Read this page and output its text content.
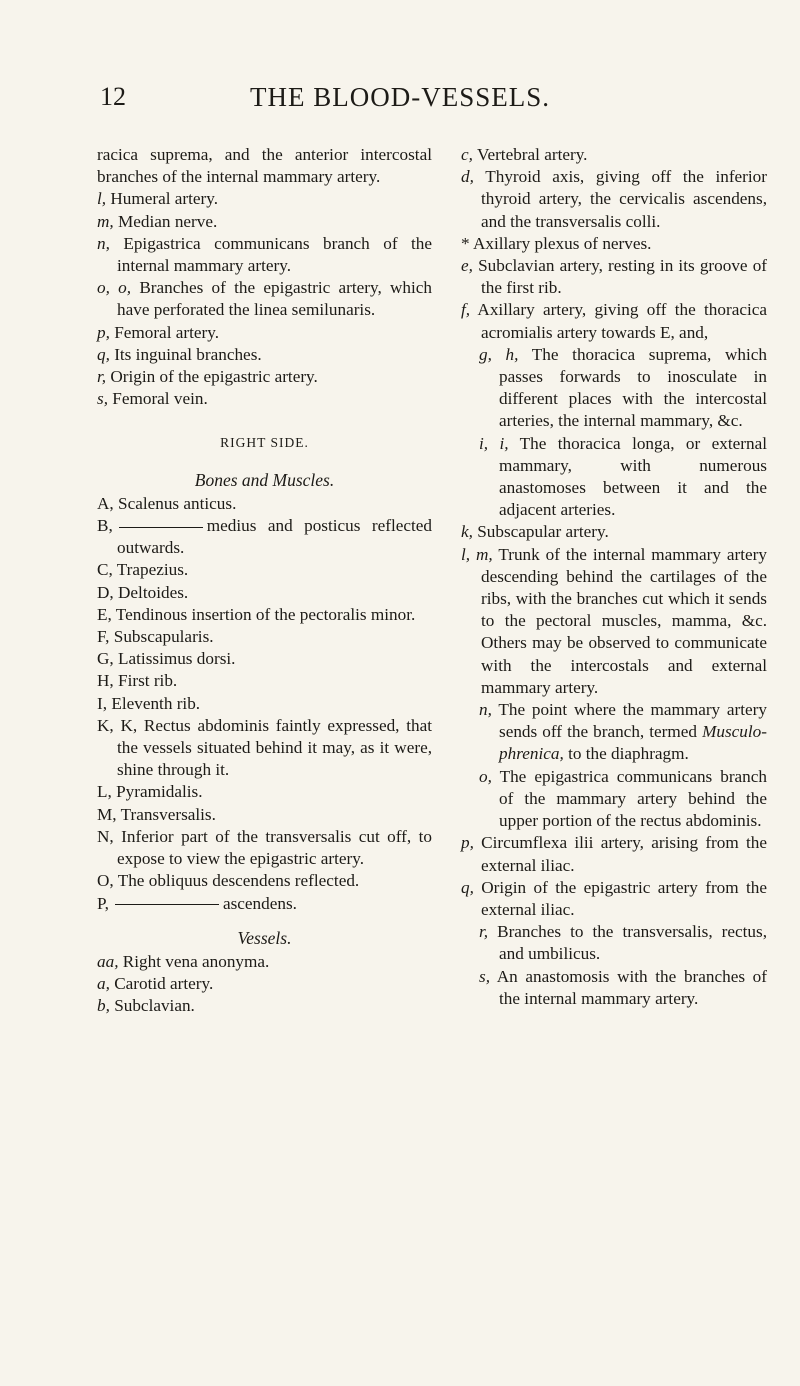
12	THE BLOOD-VESSELS.
racica suprema, and the anterior intercostal branches of the internal mammary artery.
l, Humeral artery.
m, Median nerve.
n, Epigastrica communicans branch of the internal mammary artery.
o, o, Branches of the epigastric artery, which have perforated the linea semilunaris.
p, Femoral artery.
q, Its inguinal branches.
r, Origin of the epigastric artery.
s, Femoral vein.
RIGHT SIDE.
Bones and Muscles.
A, Scalenus anticus.
B,	medius and posticus reflected outwards.
C, Trapezius.
D, Deltoides.
E, Tendinous insertion of the pectoralis minor.
F, Subscapularis.
G, Latissimus dorsi.
H, First rib.
I, Eleventh rib.
K, K, Rectus abdominis faintly expressed, that the vessels situated behind it may, as it were, shine through it.
L, Pyramidalis.
M, Transversalis.
N, Inferior part of the transversalis cut off, to expose to view the epigastric artery.
O, The obliquus descendens reflected.
P,	ascendens.
Vessels.
aa, Right vena anonyma.
a, Carotid artery.
b, Subclavian.
c, Vertebral artery.
d, Thyroid axis, giving off the inferior thyroid artery, the cervicalis ascendens, and the transversalis colli.
* Axillary plexus of nerves.
e, Subclavian artery, resting in its groove of the first rib.
f, Axillary artery, giving off the thoracica acromialis artery towards E, and,
g, h, The thoracica suprema, which passes forwards to inosculate in different places with the intercostal arteries, the internal mammary, &c.
i, i, The thoracica longa, or external mammary, with numerous anastomoses between it and the adjacent arteries.
k, Subscapular artery.
l, m, Trunk of the internal mammary artery descending behind the cartilages of the ribs, with the branches cut which it sends to the pectoral muscles, mamma, &c. Others may be observed to communicate with the intercostals and external mammary artery.
n, The point where the mammary artery sends off the branch, termed Musculo-phrenica, to the diaphragm.
o, The epigastrica communicans branch of the mammary artery behind the upper portion of the rectus abdominis.
p, Circumflexa ilii artery, arising from the external iliac.
q, Origin of the epigastric artery from the external iliac.
r, Branches to the transversalis, rectus, and umbilicus.
s, An anastomosis with the branches of the internal mammary artery.
